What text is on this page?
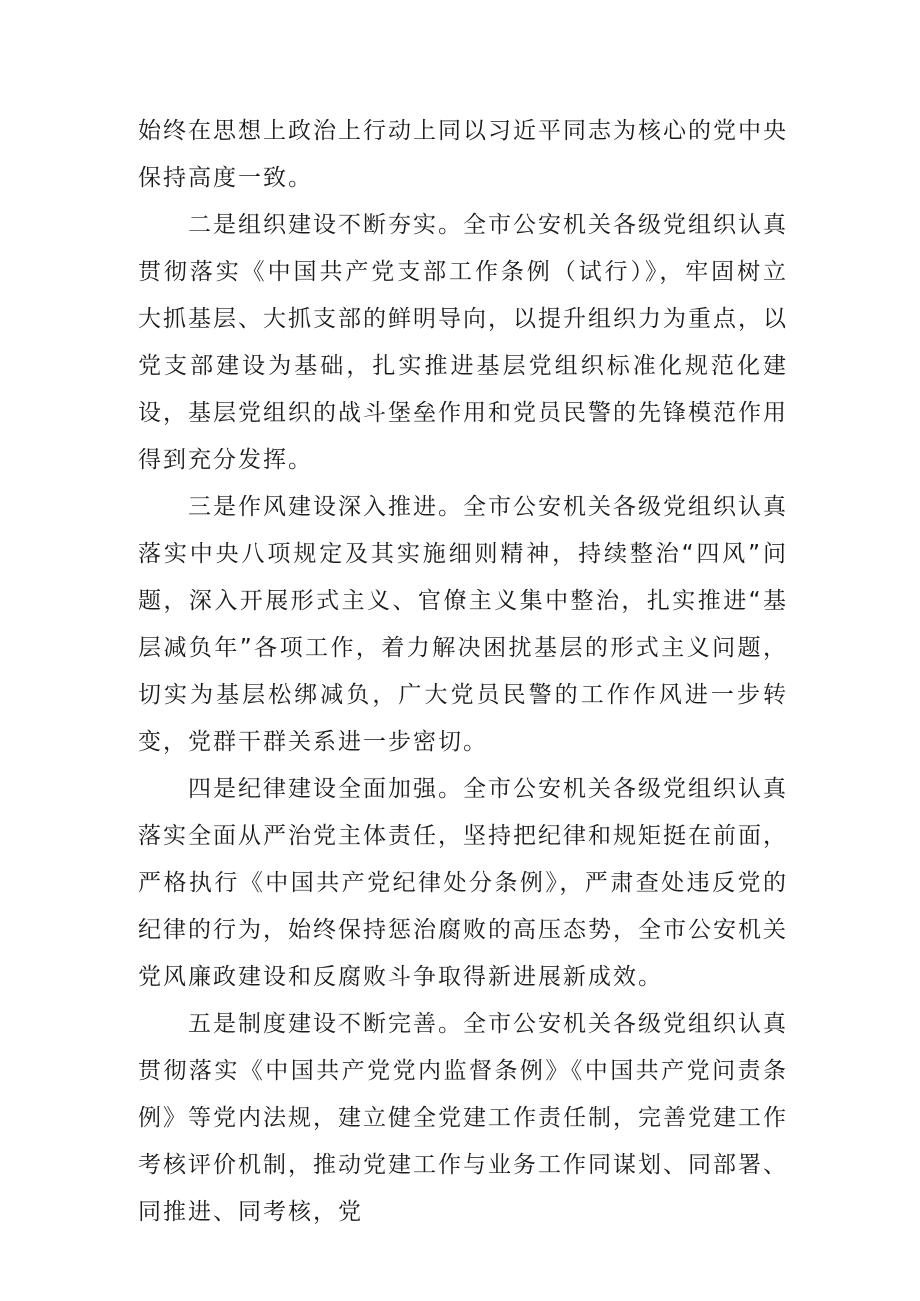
始终在思想上政治上行动上同以习近平同志为核心的党中央保持高度一致。

二是组织建设不断夯实。全市公安机关各级党组织认真贯彻落实《中国共产党支部工作条例（试行）》，牢固树立大抓基层、大抓支部的鲜明导向，以提升组织力为重点，以党支部建设为基础，扎实推进基层党组织标准化规范化建设，基层党组织的战斗堡垒作用和党员民警的先锋模范作用得到充分发挥。

三是作风建设深入推进。全市公安机关各级党组织认真落实中央八项规定及其实施细则精神，持续整治“四风”问题，深入开展形式主义、官僚主义集中整治，扎实推进“基层减负年”各项工作，着力解决困扰基层的形式主义问题，切实为基层松绑减负，广大党员民警的工作作风进一步转变，党群干群关系进一步密切。

四是纪律建设全面加强。全市公安机关各级党组织认真落实全面从严治党主体责任，坚持把纪律和规矩挺在前面，严格执行《中国共产党纪律处分条例》，严肃查处违反党的纪律的行为，始终保持惩治腐败的高压态势，全市公安机关党风廉政建设和反腐败斗争取得新进展新成效。

五是制度建设不断完善。全市公安机关各级党组织认真贯彻落实《中国共产党党内监督条例》《中国共产党问责条例》等党内法规，建立健全党建工作责任制，完善党建工作考核评价机制，推动党建工作与业务工作同谋划、同部署、同推进、同考核，党
